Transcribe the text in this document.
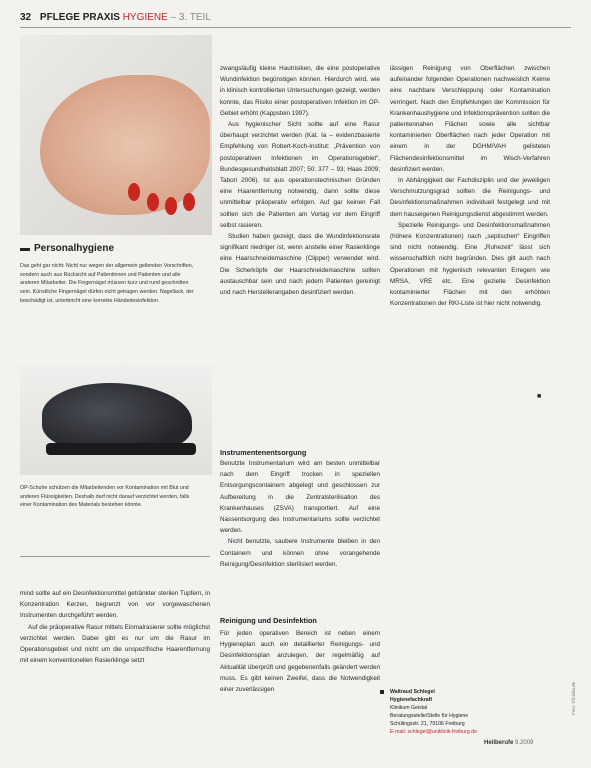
32 PFLEGE PRAXIS HYGIENE – 3. TEIL
Personalhygiene
Das geht gar nicht: Nicht nur wegen der allgemein geltenden Vorschriften, sondern auch aus Rücksicht auf Patientinnen und Patienten und alle anderen Mitarbeiter. Die Fingernägel müssen kurz und rund geschnitten sein. Künstliche Fingernägel dürfen nicht getragen werden. Nagellack, der beschädigt ist, unterbricht eine korrekte Händedesinfektion.
OP-Schuhe schützen die Mitarbeitenden vor Kontamination mit Blut und anderen Flüssigkeiten. Deshalb darf nicht darauf verzichtet werden, falls einer Kontamination des Materials bestehen könnte.

zwangsläufig kleine Hautrisiken, die eine postoperative Wundinfektion begünstigen können. Hierdurch wird, wie in klinisch kontrollierten Untersuchungen gezeigt, werden konnte, das Risiko einer postoperativen Infektion im OP-Gebiet erhöht (Kappstein 1997).

Aus hygienischer Sicht sollte auf eine Rasur überhaupt verzichtet werden (Kat. Ia – evidenzbasierte Empfehlung von Robert-Koch-Institut: „Prävention von postoperativen Infektionen im Operationsgebiet“, Bundesgesundheitsblatt 2007; 50: 377 – 93; Haas 2009; Tabori 2006). Ist aus operationstechnischen Gründen eine Haarentfernung notwendig, dann sollte diese unmittelbar präoperativ erfolgen. Auf gar keinen Fall sollten sich die Patienten am Vortag vor dem Eingriff selbst rasieren.

Studien haben gezeigt, dass die Wundinfektionsrate signifikant niedriger ist, wenn anstelle einer Rasierklinge eine Haarschneidemaschine (Clipper) verwendet wird. Die Scherköpfe der Haarschneidemaschine sollten austauschbar sein und nach jedem Patienten gereinigt und nach Herstellerangaben desinfiziert werden.

Instrumentenentsorgung

Benutzte Instrumentarium wird am besten unmittelbar nach dem Eingriff trocken in speziellen Entsorgungscontainern abgelegt und geschlossen zur Aufbereitung in die Zentralsterilisation des Krankenhauses (ZSVA) transportiert. Auf eine Nassentsorgung des Instrumentariums sollte verzichtet werden.

Nicht benutzte, saubere Instrumente bleiben in den Containern und können ohne vorangehende Reinigung/Desinfektion sterilisiert werden.

Reinigung und Desinfektion

Für jeden operativen Bereich ist neben einem Hygieneplan auch ein detaillierter Reinigungs- und Desinfektionsplan anzulegen, der regelmäßig auf Aktualität überprüft und gegebenenfalls geändert werden muss. Es gibt keinen Zweifel, dass die Notwendigkeit einer zuverlässigen

lässigen Reinigung von Oberflächen zwischen aufeinander folgenden Operationen nachweislich Keime eine nachbare Verschleppung oder Kontamination verringert. Nach den Empfehlungen der Kommission für Krankenhaushygiene und Infektionsprävention sollten die patientennahen Flächen sowie alle sichtbar kontaminierten Oberflächen nach jeder Operation mit einem in der DGHM/VAH gelisteten Flächendesinfektionsmittel im Wisch-Verfahren desinfiziert werden.

In Abhängigkeit der Fachdisziplin und der jeweiligen Verschmutzungsgrad sollten die Reinigungs- und Desinfektionsmaßnahmen individuell festgelegt und mit dem hauseigenen Reinigungsdienst abgestimmt werden.

Spezielle Reinigungs- und Desinfektionsmaßnahmen (höhere Konzentrationen) nach „septischen“ Eingriffen sind nicht notwendig. Eine „Ruhezeit“ lässt sich wissenschaftlich nicht begründen. Dies gilt auch nach Operationen mit hygienisch relevanten Erregern wie MRSA, VRE etc. Eine gezielte Desinfektion kontaminierter Flächen mit den erhöhten Konzentrationen der RKI-Liste ist hier nicht notwendig.

■

mind sollte auf ein Desinfektionsmittel getränkter sterilen Tupfern, in Konzentration Kerzen, begrenzt von vor vorgewaschenen Instrumenten durchgeführt werden.

Auf die präoperative Rasur mittels Einmalrasierer sollte möglichst verzichtet werden. Dabei gibt es nur um die Rasur im Operationsgebiet und nicht um die unspezifische Haarentfernung mit einem konventionellen Rasierklinge setzt

Waltraud Schlegel
Hygienefachkraft
Klinikum Geistal
Beratungsstelle/Stelle für Hygiene
Schülingsstr. 21, 79106 Freiburg
E-mail: schlegel@uniklinik-freiburg.de
Foto: ©fotolia.de
Heilberufe 9.2009
